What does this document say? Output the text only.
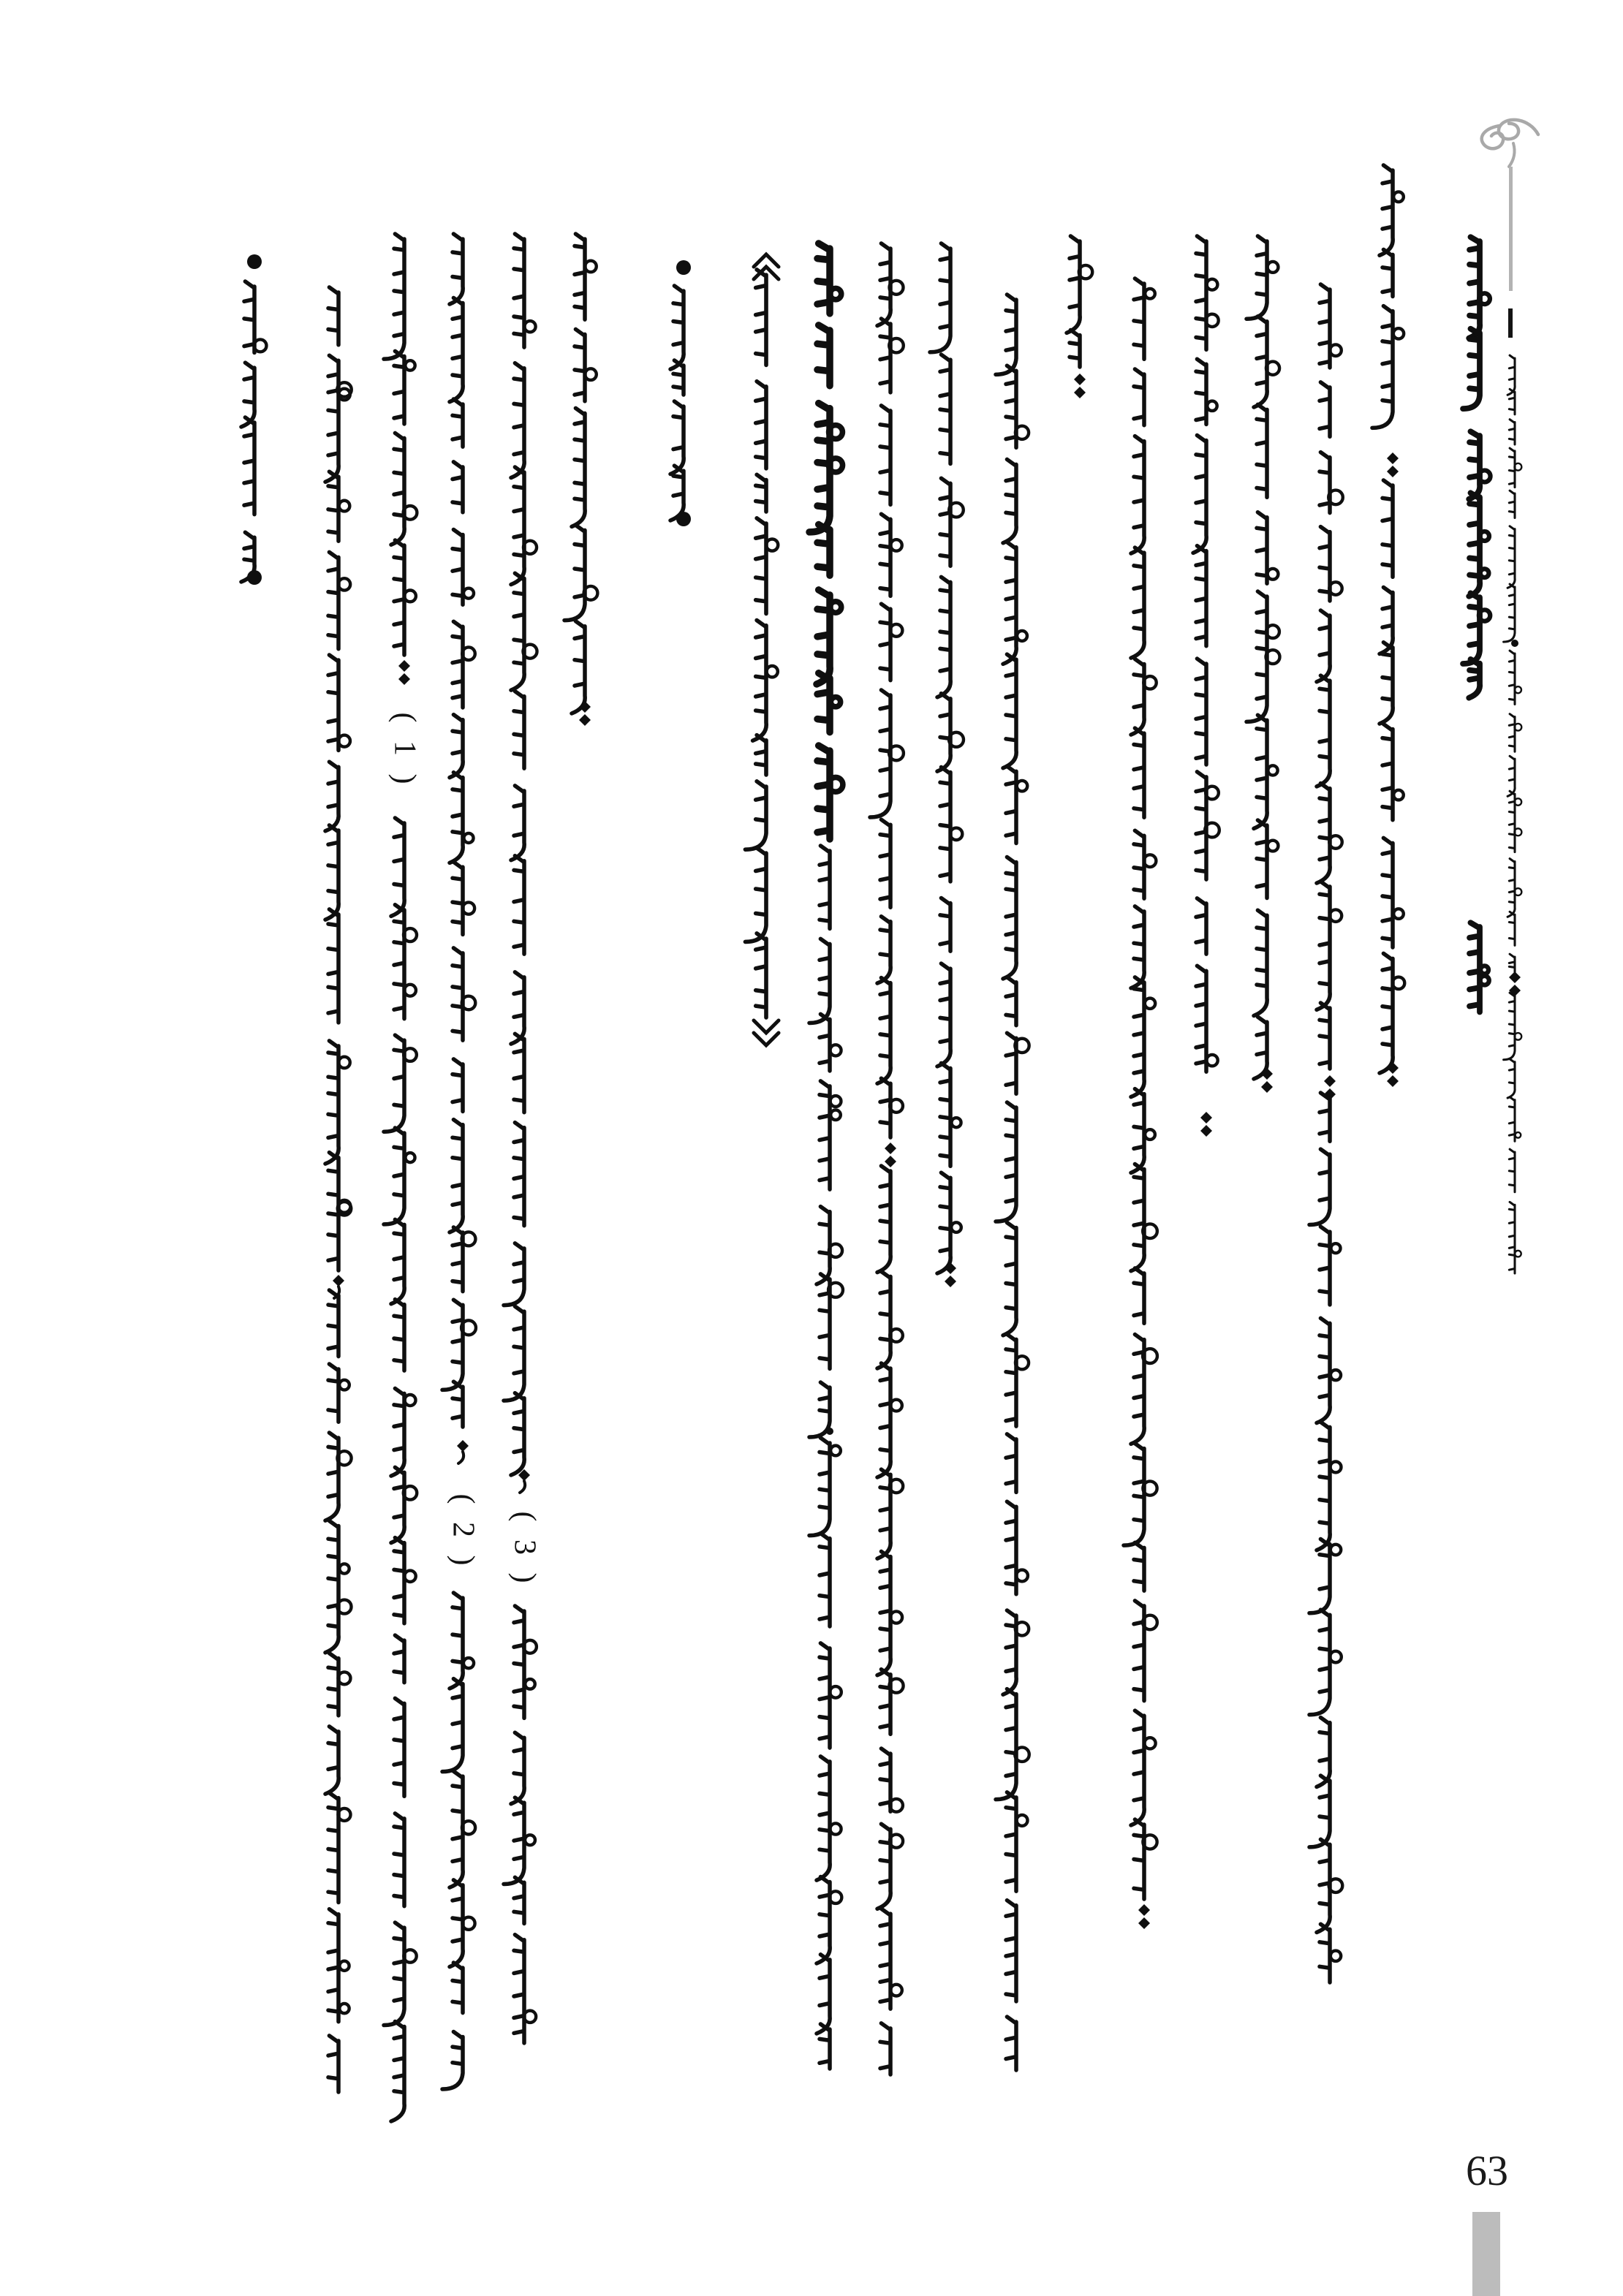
63
( 1 )
( 2 ) ( 3 )
